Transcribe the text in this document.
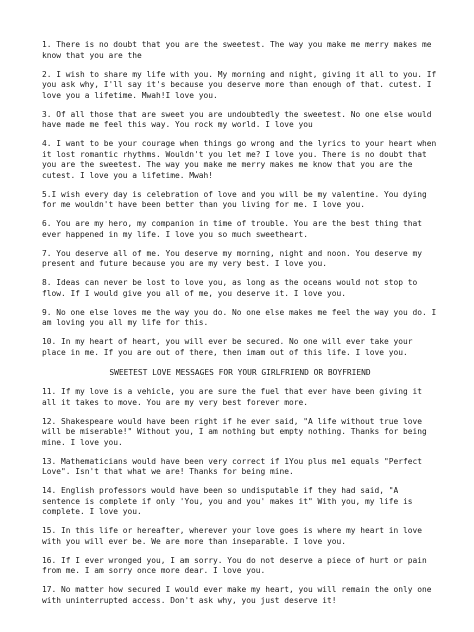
1. There is no doubt that you are the sweetest. The way you make me merry makes me know that you are the

2. I wish to share my life with you. My morning and night, giving it all to you. If you ask why, I'll say it's because you deserve more than enough of that. cutest. I love you a lifetime. Mwah!I love you.

3. Of all those that are sweet you are undoubtedly the sweetest. No one else would have made me feel this way. You rock my world. I love you

4. I want to be your courage when things go wrong and the lyrics to your heart when it lost romantic rhythms. Wouldn't you let me? I love you. There is no doubt that you are the sweetest. The way you make me merry makes me know that you are the cutest. I love you a lifetime. Mwah!

5.I wish every day is celebration of love and you will be my valentine. You dying for me wouldn't have been better than you living for me. I love you.

6. You are my hero, my companion in time of trouble. You are the best thing that ever happened in my life. I love you so much sweetheart.

7. You deserve all of me. You deserve my morning, night and noon. You deserve my present and future because you are my very best. I love you.

8. Ideas can never be lost to love you, as long as the oceans would not stop to flow. If I would give you all of me, you deserve it. I love you.

9. No one else loves me the way you do. No one else makes me feel the way you do. I am loving you all my life for this.

10. In my heart of heart, you will ever be secured. No one will ever take your place in me. If you are out of there, then imam out of this life. I love you.

SWEETEST LOVE MESSAGES FOR YOUR GIRLFRIEND OR BOYFRIEND

11. If my love is a vehicle, you are sure the fuel that ever have been giving it all it takes to move. You are my very best forever more.

12. Shakespeare would have been right if he ever said, "A life without true love will be miserable!" Without you, I am nothing but empty nothing. Thanks for being mine. I love you.

13. Mathematicians would have been very correct if 1You plus me1 equals "Perfect Love". Isn't that what we are! Thanks for being mine.

14. English professors would have been so undisputable if they had said, "A sentence is complete if only 'You, you and you' makes it" With you, my life is complete. I love you.

15. In this life or hereafter, wherever your love goes is where my heart in love with you will ever be. We are more than inseparable. I love you.

16. If I ever wronged you, I am sorry. You do not deserve a piece of hurt or pain from me. I am sorry once more dear. I love you.

17. No matter how secured I would ever make my heart, you will remain the only one with uninterrupted access. Don't ask why, you just deserve it!
